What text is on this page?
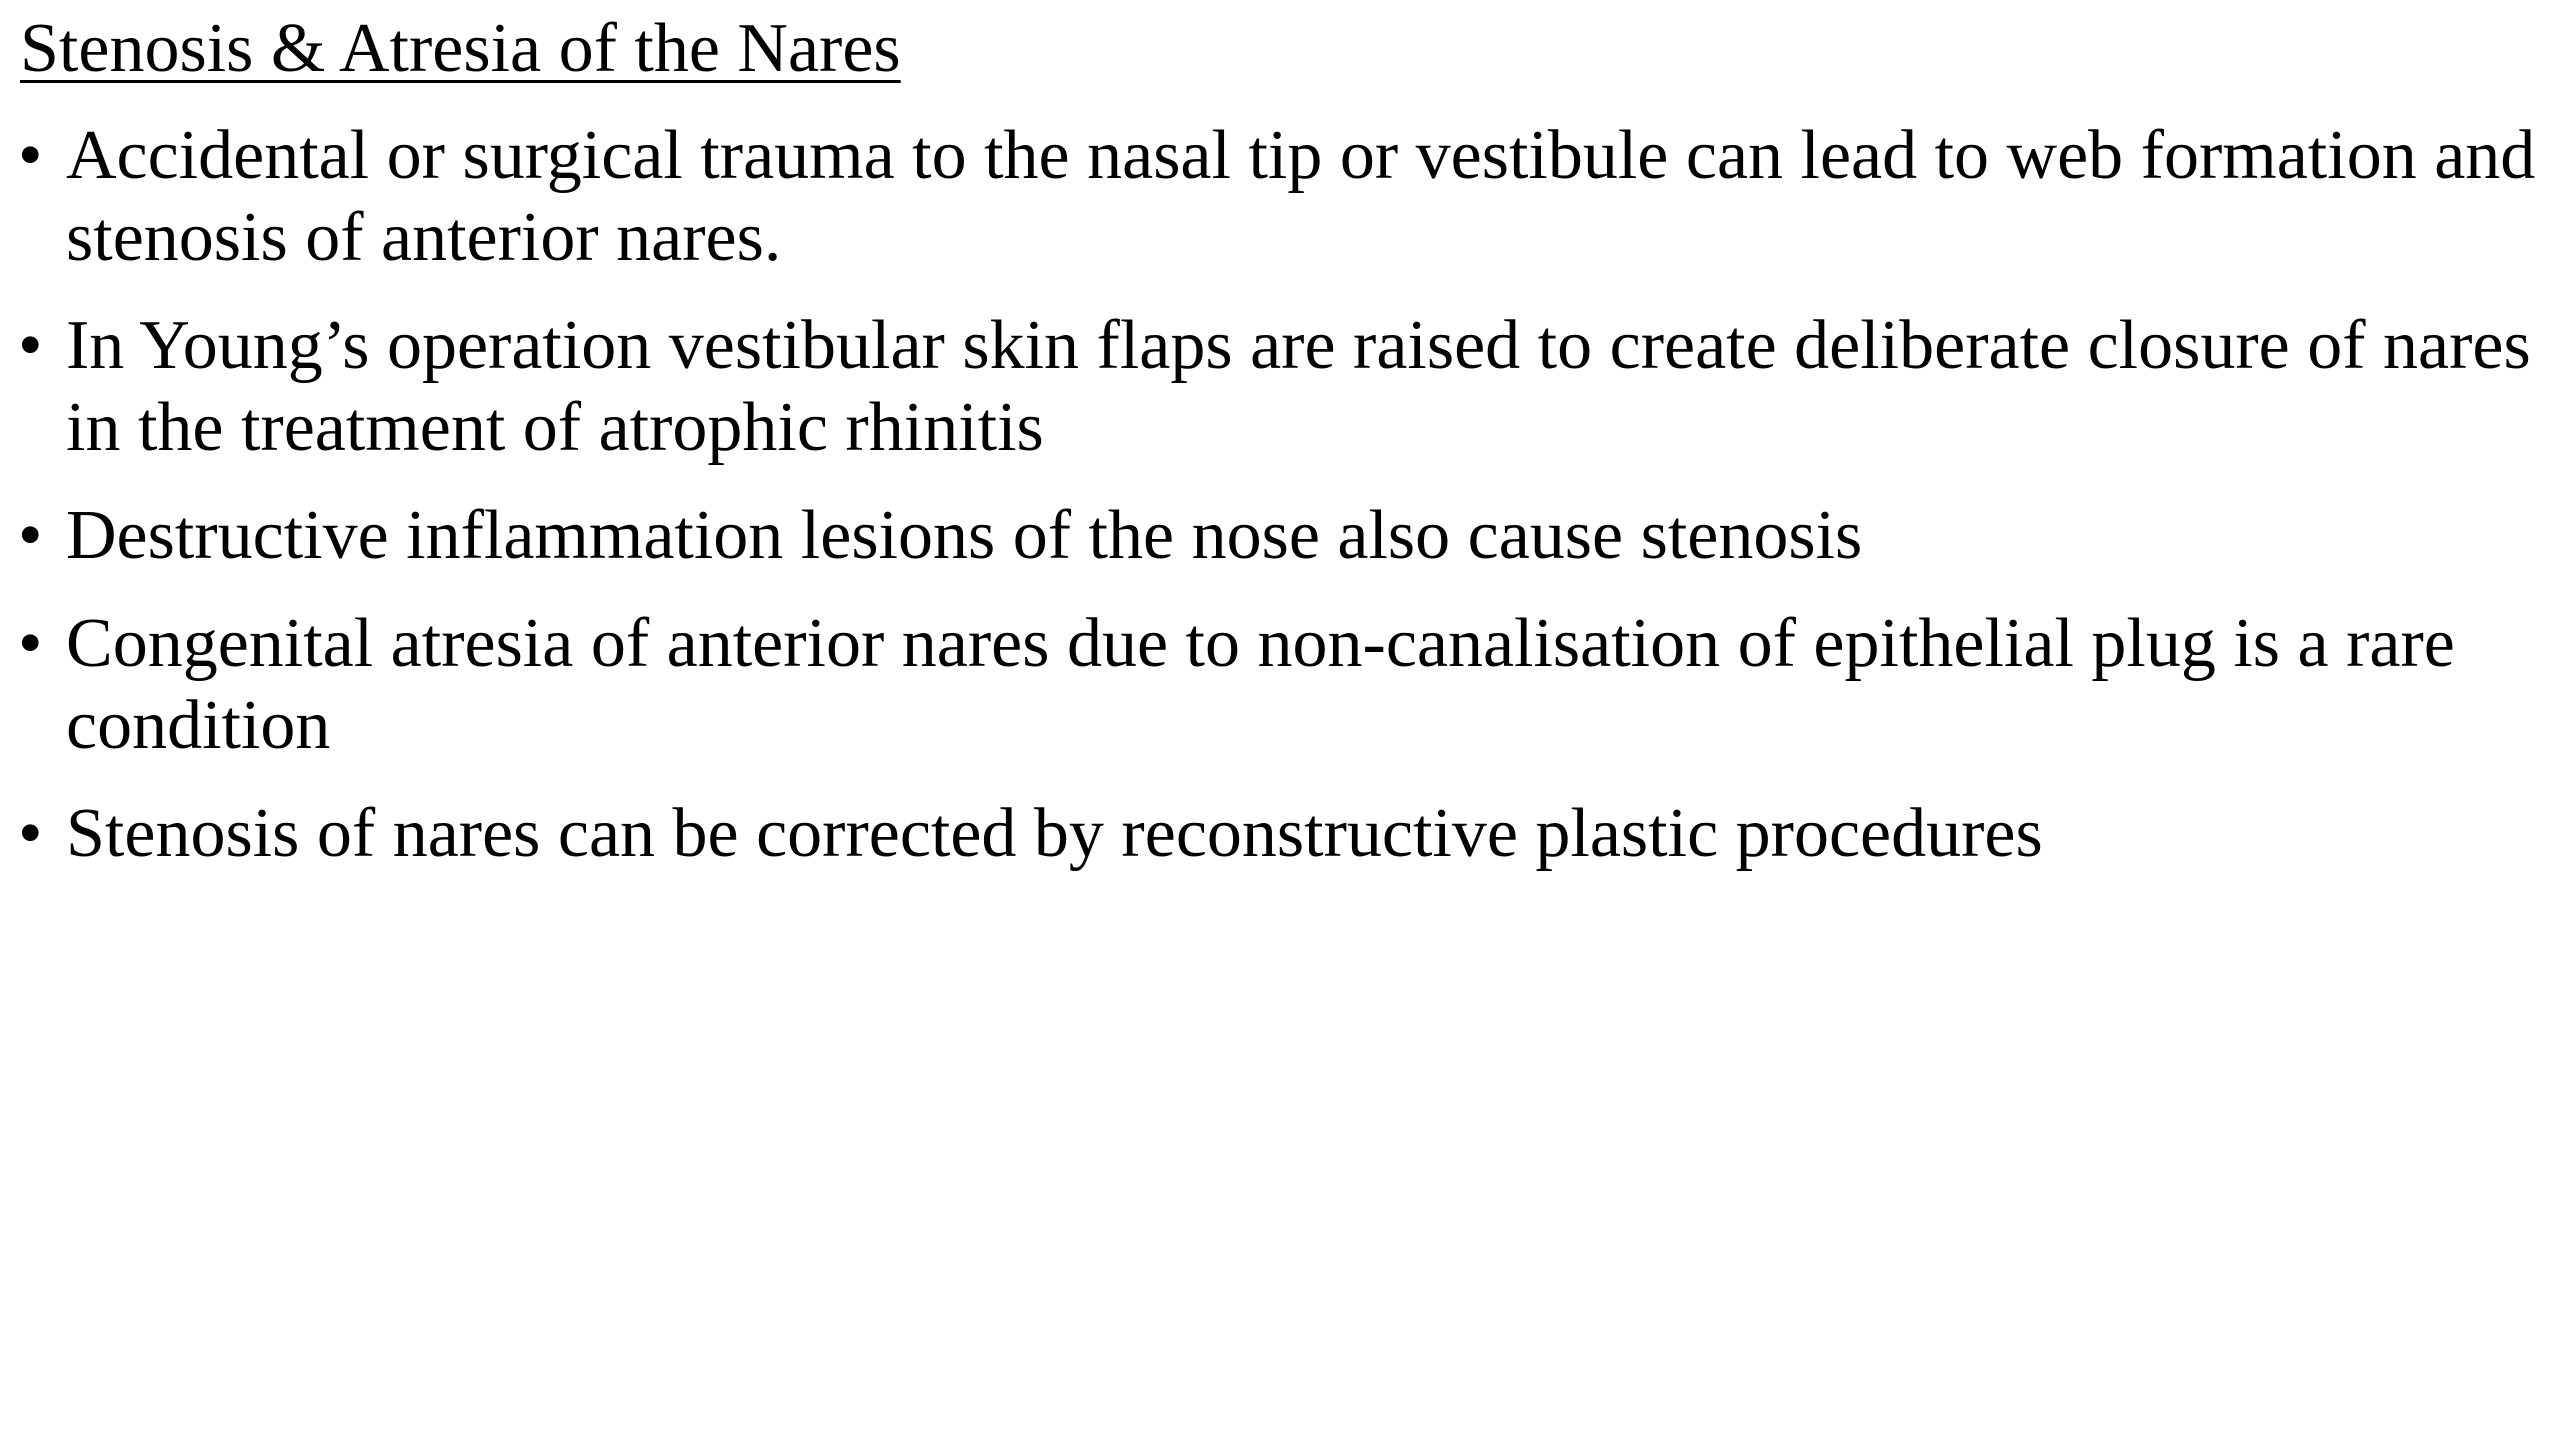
Stenosis & Atresia of the Nares
• Accidental or surgical trauma to the nasal tip or vestibule can lead to web formation and stenosis of anterior nares.
• In Young’s operation vestibular skin flaps are raised to create deliberate closure of nares in the treatment of atrophic rhinitis
• Destructive inflammation lesions of the nose also cause stenosis
• Congenital atresia of anterior nares due to non-canalisation of epithelial plug is a rare condition
• Stenosis of nares can be corrected by reconstructive plastic procedures
